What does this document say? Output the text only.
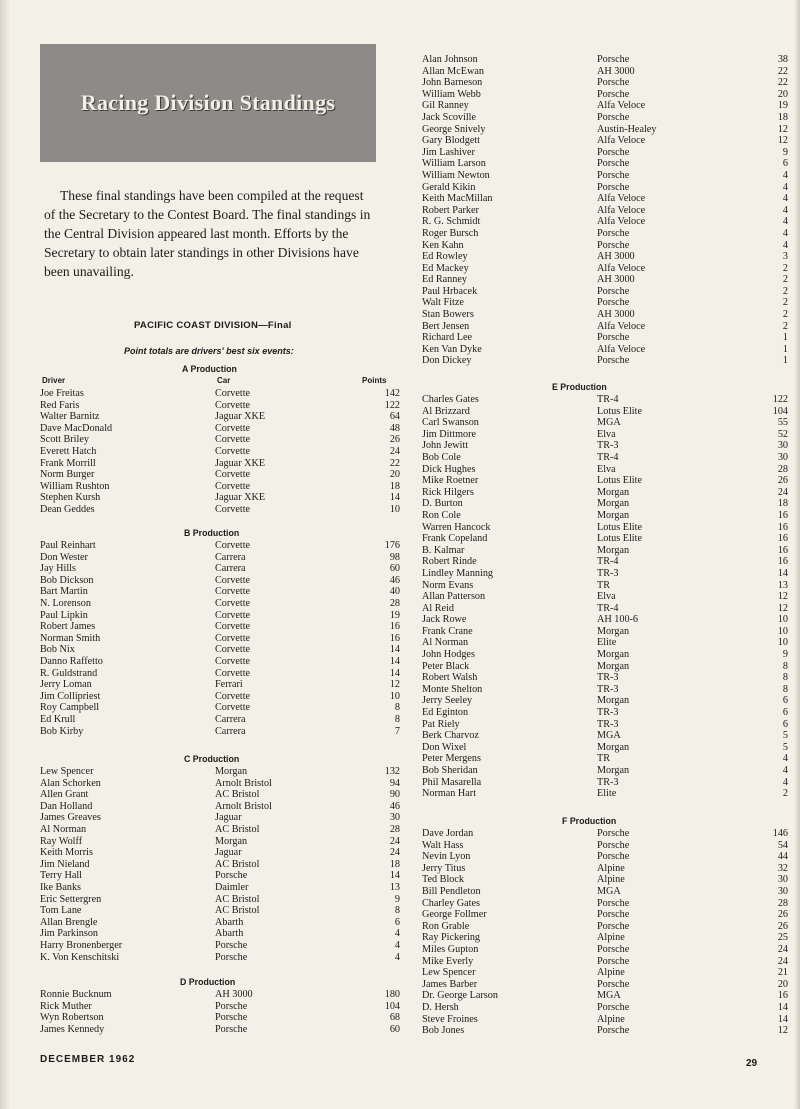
Racing Division Standings

These final standings have been compiled at the request of the Secretary to the Contest Board. The final standings in the Central Division appeared last month. Efforts by the Secretary to obtain later standings in other Divisions have been unavailing.

PACIFIC COAST DIVISION—Final

Point totals are drivers' best six events:

A Production
Driver	Car	Points
Joe Freitas	Corvette	142
Red Faris	Corvette	122
Walter Barnitz	Jaguar XKE	64
Dave MacDonald	Corvette	48
Scott Briley	Corvette	26
Everett Hatch	Corvette	24
Frank Morrill	Jaguar XKE	22
Norm Burger	Corvette	20
William Rushton	Corvette	18
Stephen Kursh	Jaguar XKE	14
Dean Geddes	Corvette	10
B Production
Paul Reinhart	Corvette	176
Don Wester	Carrera	98
Jay Hills	Carrera	60
Bob Dickson	Corvette	46
Bart Martin	Corvette	40
N. Lorenson	Corvette	28
Paul Lipkin	Corvette	19
Robert James	Corvette	16
Norman Smith	Corvette	16
Bob Nix	Corvette	14
Danno Raffetto	Corvette	14
R. Guldstrand	Corvette	14
Jerry Loman	Ferrari	12
Jim Collipriest	Corvette	10
Roy Campbell	Corvette	8
Ed Krull	Carrera	8
Bob Kirby	Carrera	7
C Production
Lew Spencer	Morgan	132
Alan Schorken	Arnolt Bristol	94
Allen Grant	AC Bristol	90
Dan Holland	Arnolt Bristol	46
James Greaves	Jaguar	30
Al Norman	AC Bristol	28
Ray Wolff	Morgan	24
Keith Morris	Jaguar	24
Jim Nieland	AC Bristol	18
Terry Hall	Porsche	14
Ike Banks	Daimler	13
Eric Settergren	AC Bristol	9
Tom Lane	AC Bristol	8
Allan Brengle	Abarth	6
Jim Parkinson	Abarth	4
Harry Bronenberger	Porsche	4
K. Von Kenschitski	Porsche	4
D Production
Ronnie Bucknum	AH 3000	180
Rick Muther	Porsche	104
Wyn Robertson	Porsche	68
James Kennedy	Porsche	60
Alan Johnson	Porsche	38
Allan McEwan	AH 3000	22
John Barneson	Porsche	22
William Webb	Porsche	20
Gil Ranney	Alfa Veloce	19
Jack Scoville	Porsche	18
George Snively	Austin-Healey	12
Gary Blodgett	Alfa Veloce	12
Jim Lashiver	Porsche	9
William Larson	Porsche	6
William Newton	Porsche	4
Gerald Kikin	Porsche	4
Keith MacMillan	Alfa Veloce	4
Robert Parker	Alfa Veloce	4
R. G. Schmidt	Alfa Veloce	4
Roger Bursch	Porsche	4
Ken Kahn	Porsche	4
Ed Rowley	AH 3000	3
Ed Mackey	Alfa Veloce	2
Ed Ranney	AH 3000	2
Paul Hrbacek	Porsche	2
Walt Fitze	Porsche	2
Stan Bowers	AH 3000	2
Bert Jensen	Alfa Veloce	2
Richard Lee	Porsche	1
Ken Van Dyke	Alfa Veloce	1
Don Dickey	Porsche	1
E Production
Charles Gates	TR-4	122
Al Brizzard	Lotus Elite	104
Carl Swanson	MGA	55
Jim Dittmore	Elva	52
John Jewitt	TR-3	30
Bob Cole	TR-4	30
Dick Hughes	Elva	28
Mike Roetner	Lotus Elite	26
Rick Hilgers	Morgan	24
D. Burton	Morgan	18
Ron Cole	Morgan	16
Warren Hancock	Lotus Elite	16
Frank Copeland	Lotus Elite	16
B. Kalmar	Morgan	16
Robert Rinde	TR-4	16
Lindley Manning	TR-3	14
Norm Evans	TR	13
Allan Patterson	Elva	12
Al Reid	TR-4	12
Jack Rowe	AH 100-6	10
Frank Crane	Morgan	10
Al Norman	Elite	10
John Hodges	Morgan	9
Peter Black	Morgan	8
Robert Walsh	TR-3	8
Monte Shelton	TR-3	8
Jerry Seeley	Morgan	6
Ed Eginton	TR-3	6
Pat Riely	TR-3	6
Berk Charvoz	MGA	5
Don Wixel	Morgan	5
Peter Mergens	TR	4
Bob Sheridan	Morgan	4
Phil Masarella	TR-3	4
Norman Hart	Elite	2
F Production
Dave Jordan	Porsche	146
Walt Hass	Porsche	54
Nevin Lyon	Porsche	44
Jerry Titus	Alpine	32
Ted Block	Alpine	30
Bill Pendleton	MGA	30
Charley Gates	Porsche	28
George Follmer	Porsche	26
Ron Grable	Porsche	26
Ray Pickering	Alpine	25
Miles Gupton	Porsche	24
Mike Everly	Porsche	24
Lew Spencer	Alpine	21
James Barber	Porsche	20
Dr. George Larson	MGA	16
D. Hersh	Porsche	14
Steve Froines	Alpine	14
Bob Jones	Porsche	12

DECEMBER 1962	29
